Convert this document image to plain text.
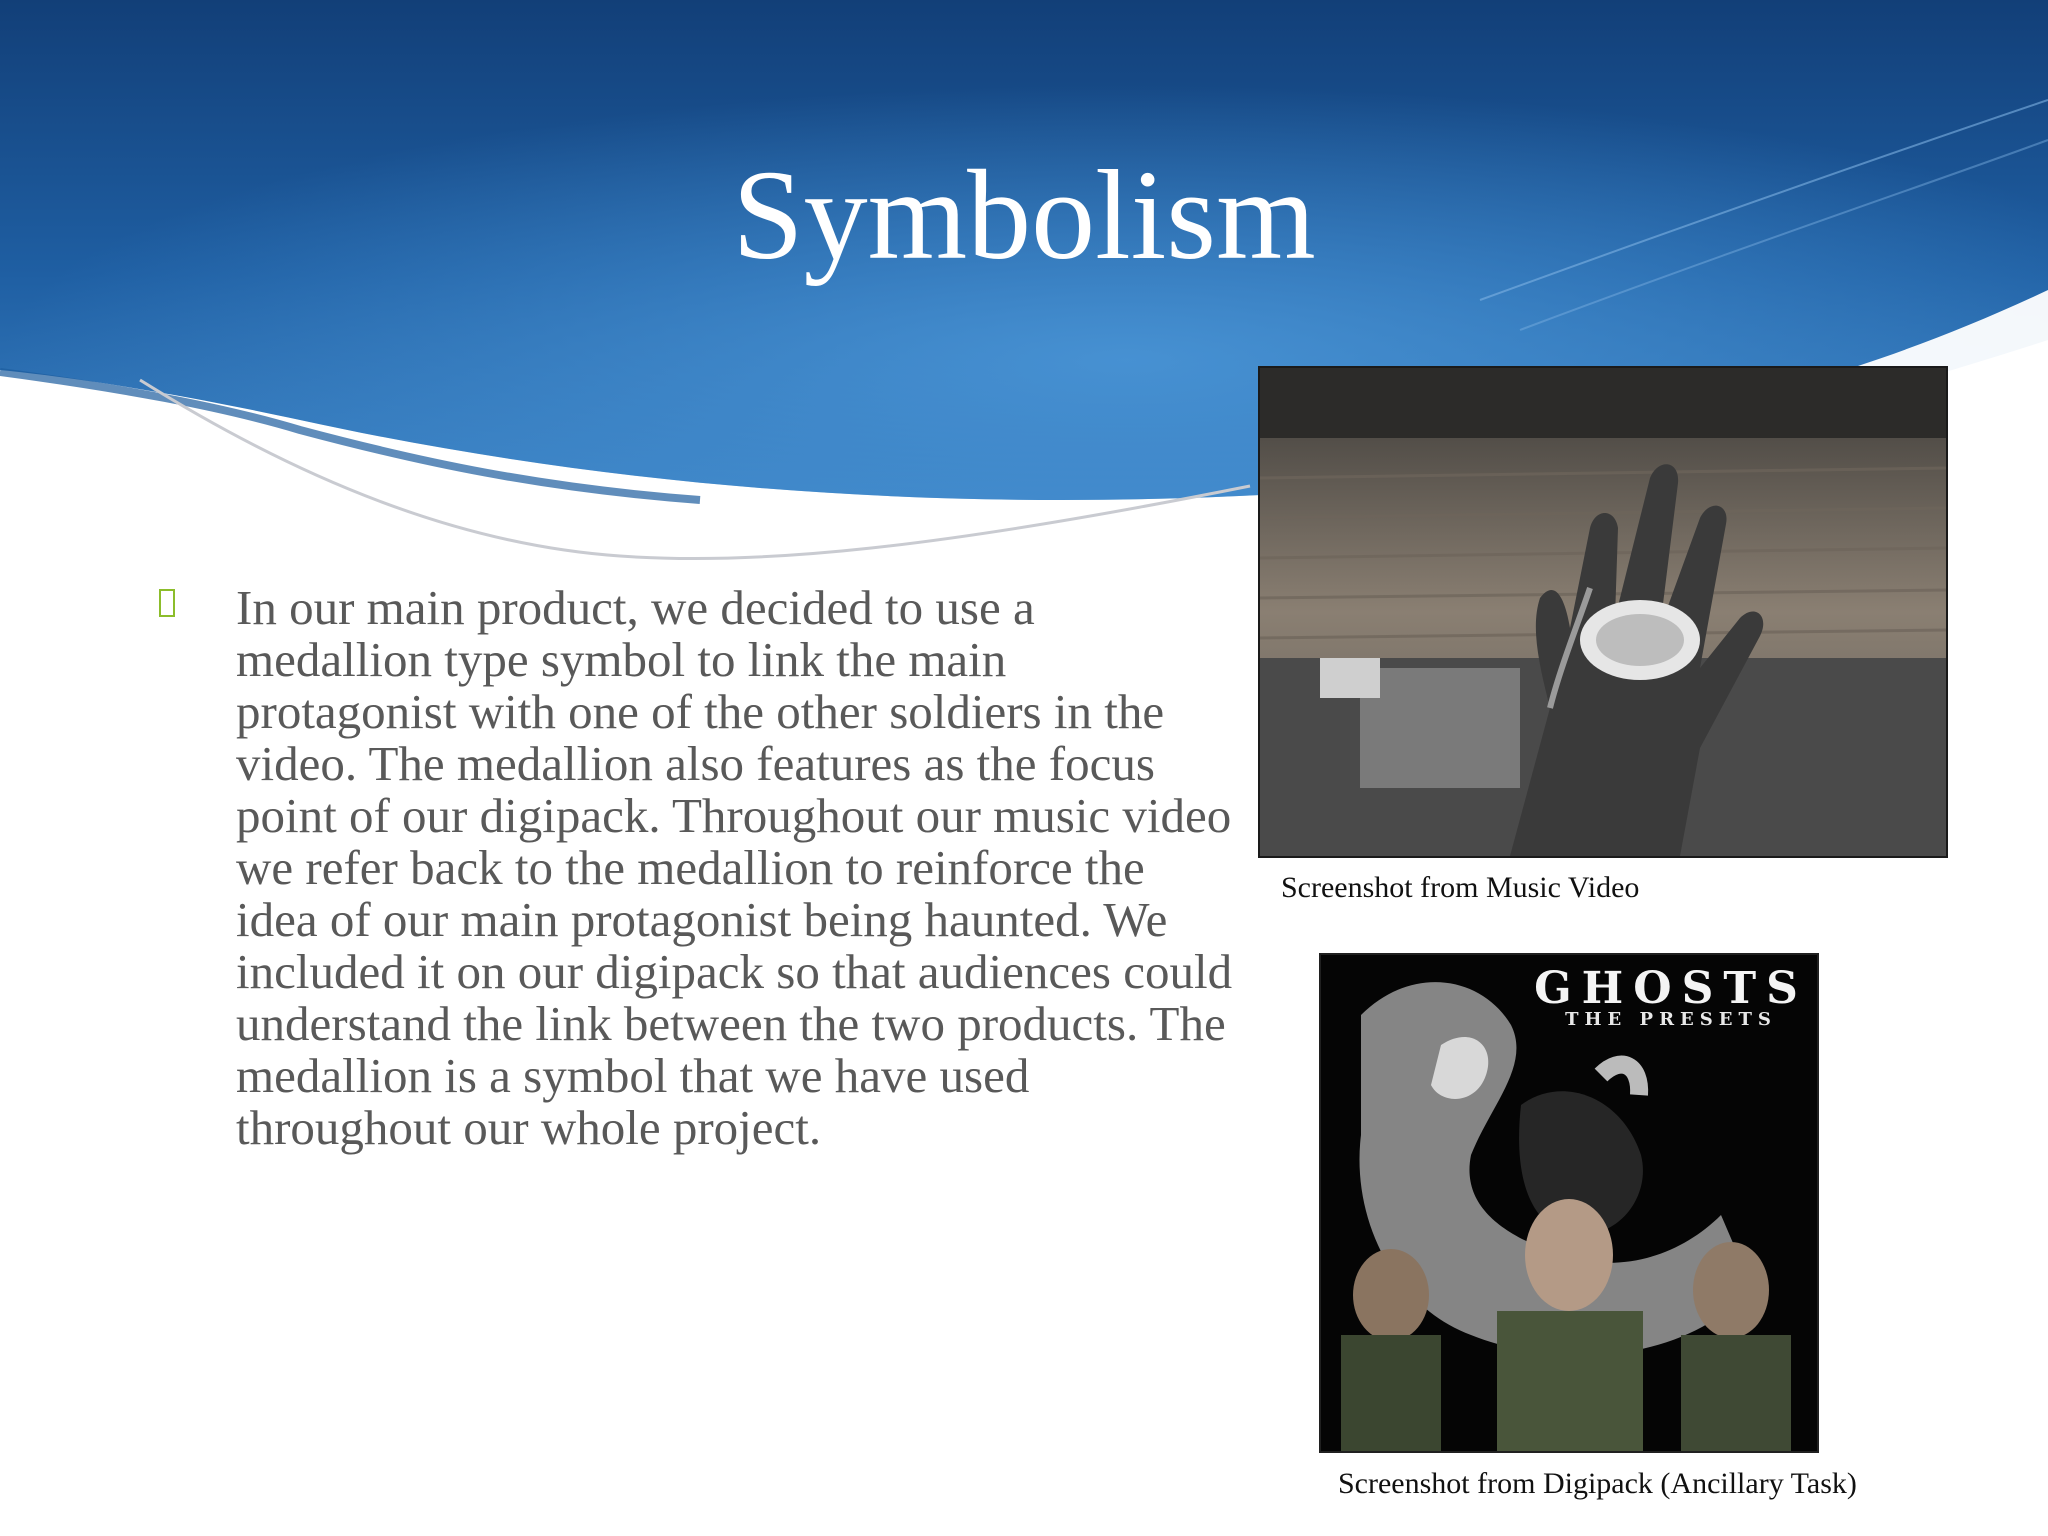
Symbolism

In our main product, we decided to use a medallion type symbol to link the main protagonist with one of the other soldiers in the video. The medallion also features as the focus point of our digipack. Throughout our music video we refer back to the medallion to reinforce the idea of our main protagonist being haunted. We included it on our digipack so that audiences could understand the link between the two products. The medallion is a symbol that we have used throughout our whole project.

Screenshot from Music Video
GHOSTS
THE PRESETS
Screenshot from Digipack (Ancillary Task)
